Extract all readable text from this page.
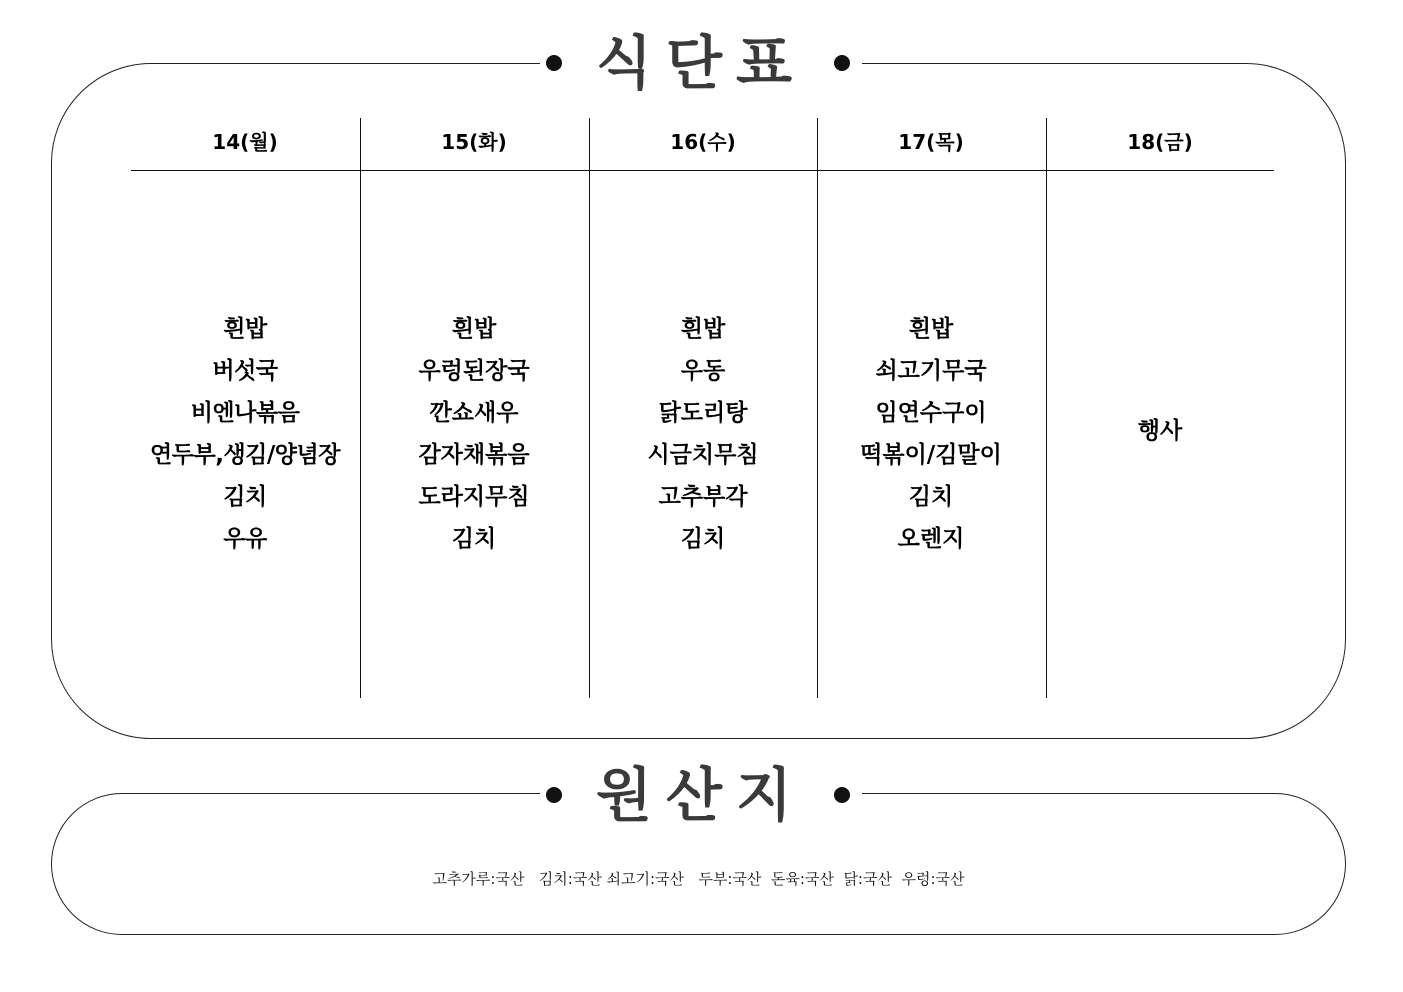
식단표
14(월)
흰밥
버섯국
비엔나볶음
연두부,생김/양념장
김치
우유
15(화)
흰밥
우렁된장국
깐쇼새우
감자채볶음
도라지무침
김치
16(수)
흰밥
우동
닭도리탕
시금치무침
고추부각
김치
17(목)
흰밥
쇠고기무국
임연수구이
떡볶이/김말이
김치
오렌지
18(금)
행사
원산지
고추가루:국산   김치:국산 쇠고기:국산   두부:국산  돈육:국산  닭:국산  우렁:국산
